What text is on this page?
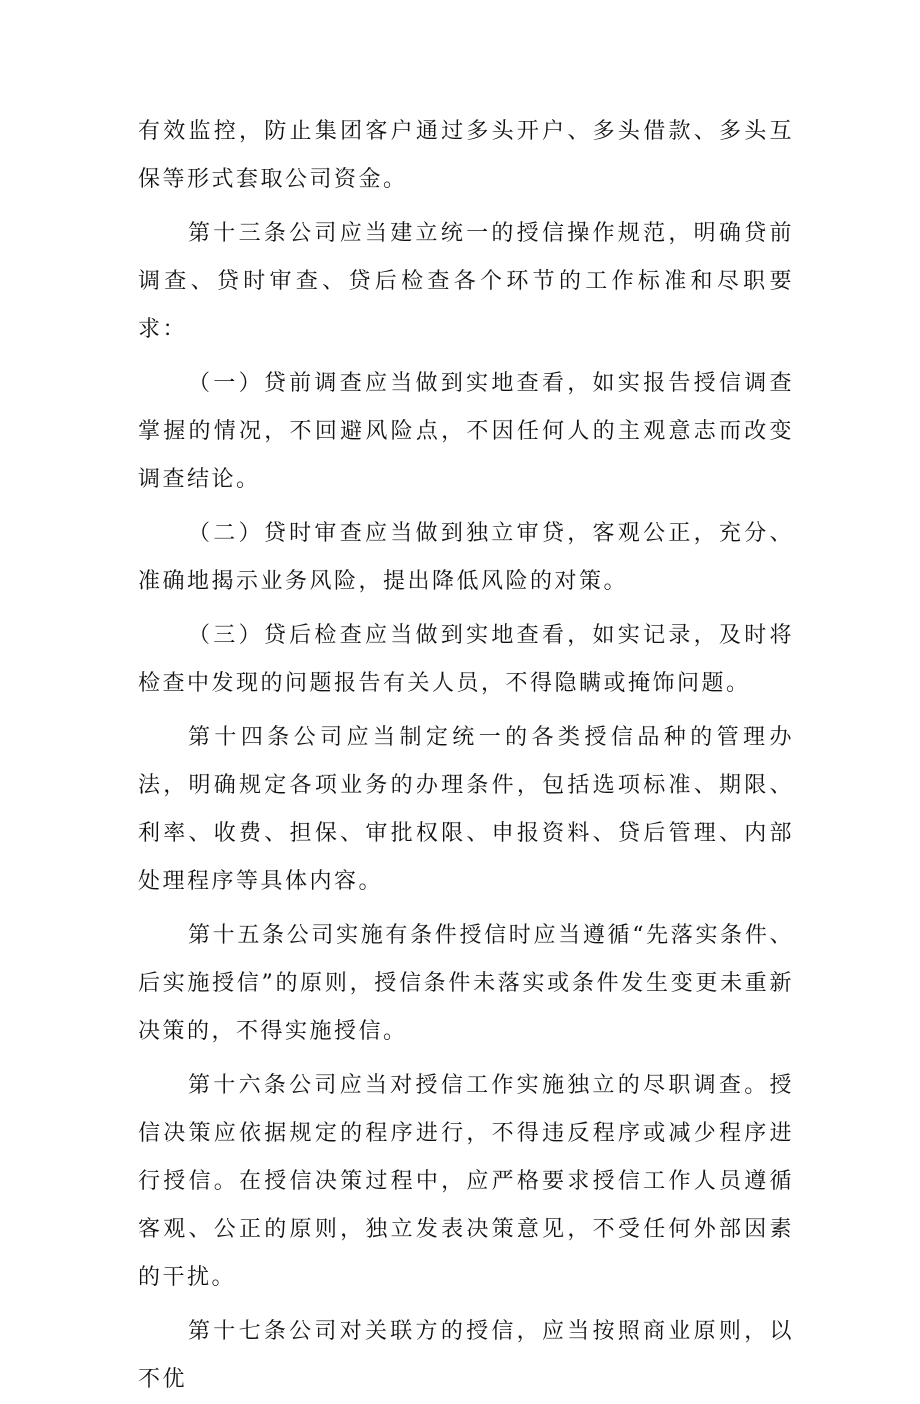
有效监控，防止集团客户通过多头开户、多头借款、多头互保等形式套取公司资金。

第十三条公司应当建立统一的授信操作规范，明确贷前调查、贷时审查、贷后检查各个环节的工作标准和尽职要求：

（一）贷前调查应当做到实地查看，如实报告授信调查掌握的情况，不回避风险点，不因任何人的主观意志而改变调查结论。

（二）贷时审查应当做到独立审贷，客观公正，充分、准确地揭示业务风险，提出降低风险的对策。

（三）贷后检查应当做到实地查看，如实记录，及时将检查中发现的问题报告有关人员，不得隐瞒或掩饰问题。

第十四条公司应当制定统一的各类授信品种的管理办法，明确规定各项业务的办理条件，包括选项标准、期限、利率、收费、担保、审批权限、申报资料、贷后管理、内部处理程序等具体内容。

第十五条公司实施有条件授信时应当遵循“先落实条件、后实施授信”的原则，授信条件未落实或条件发生变更未重新决策的，不得实施授信。

第十六条公司应当对授信工作实施独立的尽职调查。授信决策应依据规定的程序进行，不得违反程序或减少程序进行授信。在授信决策过程中，应严格要求授信工作人员遵循客观、公正的原则，独立发表决策意见，不受任何外部因素的干扰。

第十七条公司对关联方的授信，应当按照商业原则，以不优
